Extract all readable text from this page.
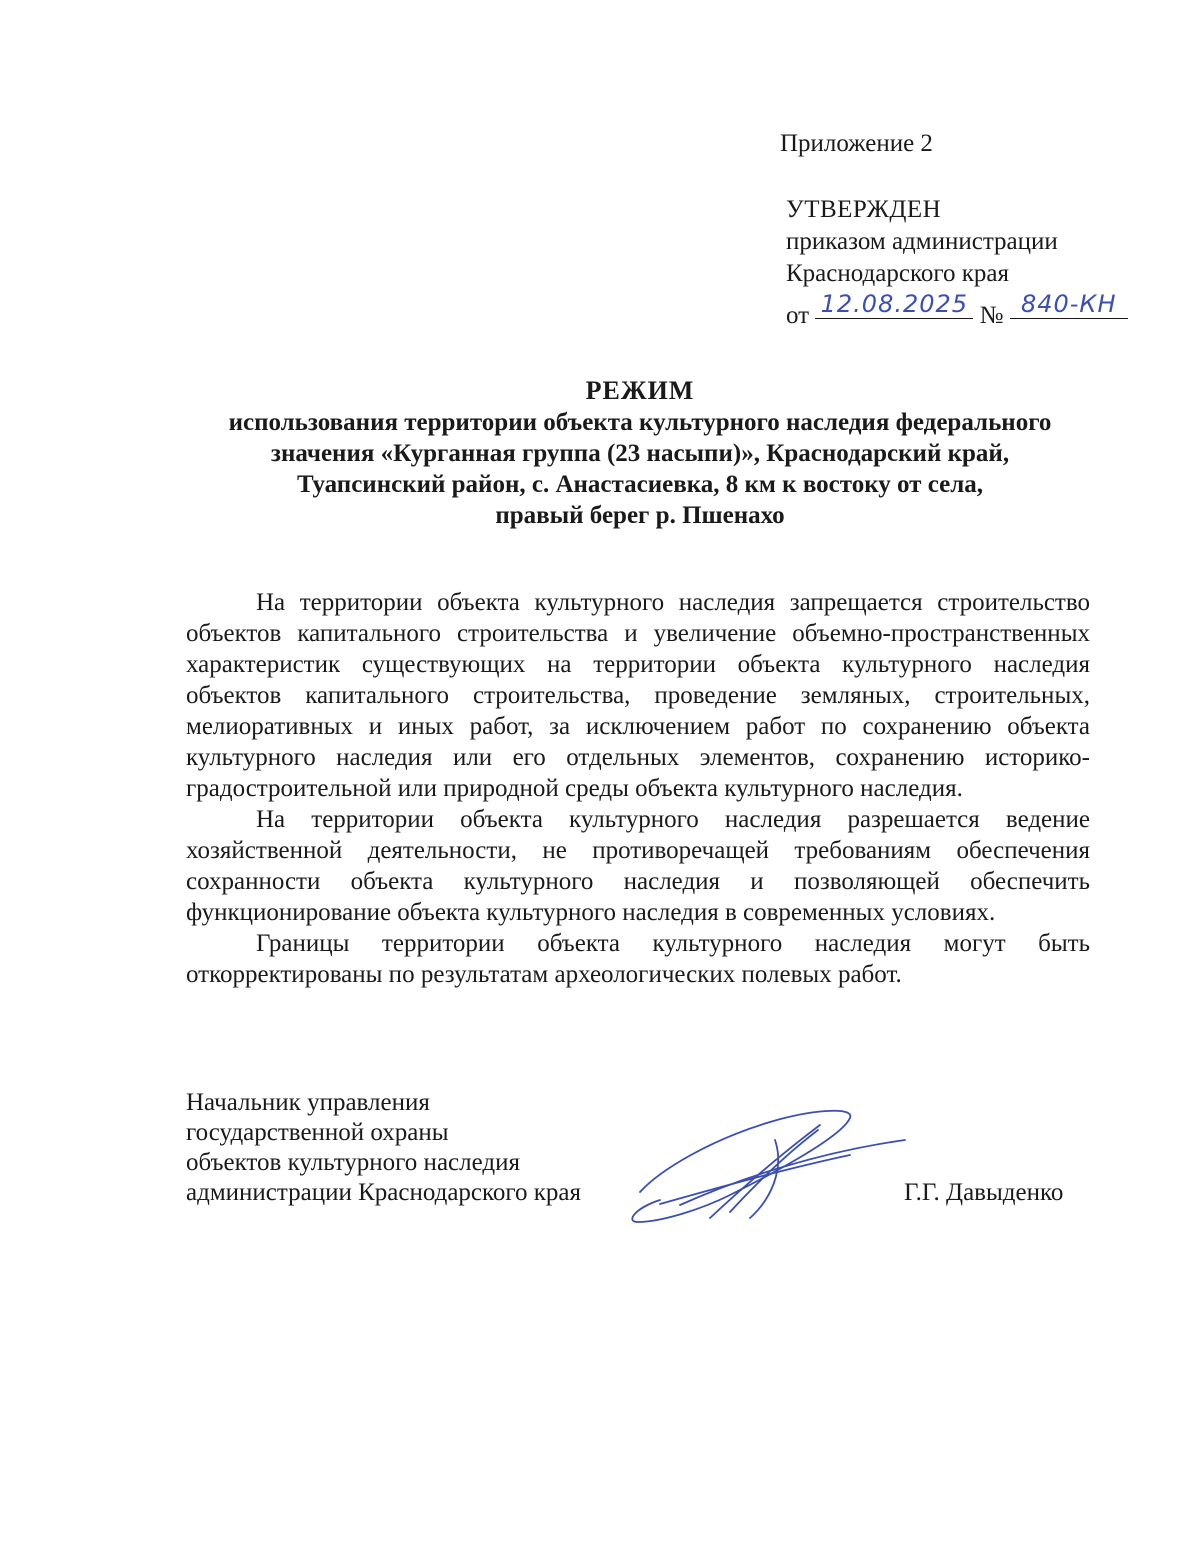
Приложение 2
УТВЕРЖДЕН
приказом администрации
Краснодарского края
от 12.08.2025 № 840-КН
РЕЖИМ
использования территории объекта культурного наследия федерального
значения «Курганная группа (23 насыпи)», Краснодарский край,
Туапсинский район, с. Анастасиевка, 8 км к востоку от села,
правый берег р. Пшенахо

На территории объекта культурного наследия запрещается строительство объектов капитального строительства и увеличение объемно-пространственных характеристик существующих на территории объекта культурного наследия объектов капитального строительства, проведение земляных, строительных, мелиоративных и иных работ, за исключением работ по сохранению объекта культурного наследия или его отдельных элементов, сохранению историко-градостроительной или природной среды объекта культурного наследия.

На территории объекта культурного наследия разрешается ведение хозяйственной деятельности, не противоречащей требованиям обеспечения сохранности объекта культурного наследия и позволяющей обеспечить функционирование объекта культурного наследия в современных условиях.

Границы территории объекта культурного наследия могут быть откорректированы по результатам археологических полевых работ.

Начальник управления
государственной охраны
объектов культурного наследия
администрации Краснодарского края	Г.Г. Давыденко
